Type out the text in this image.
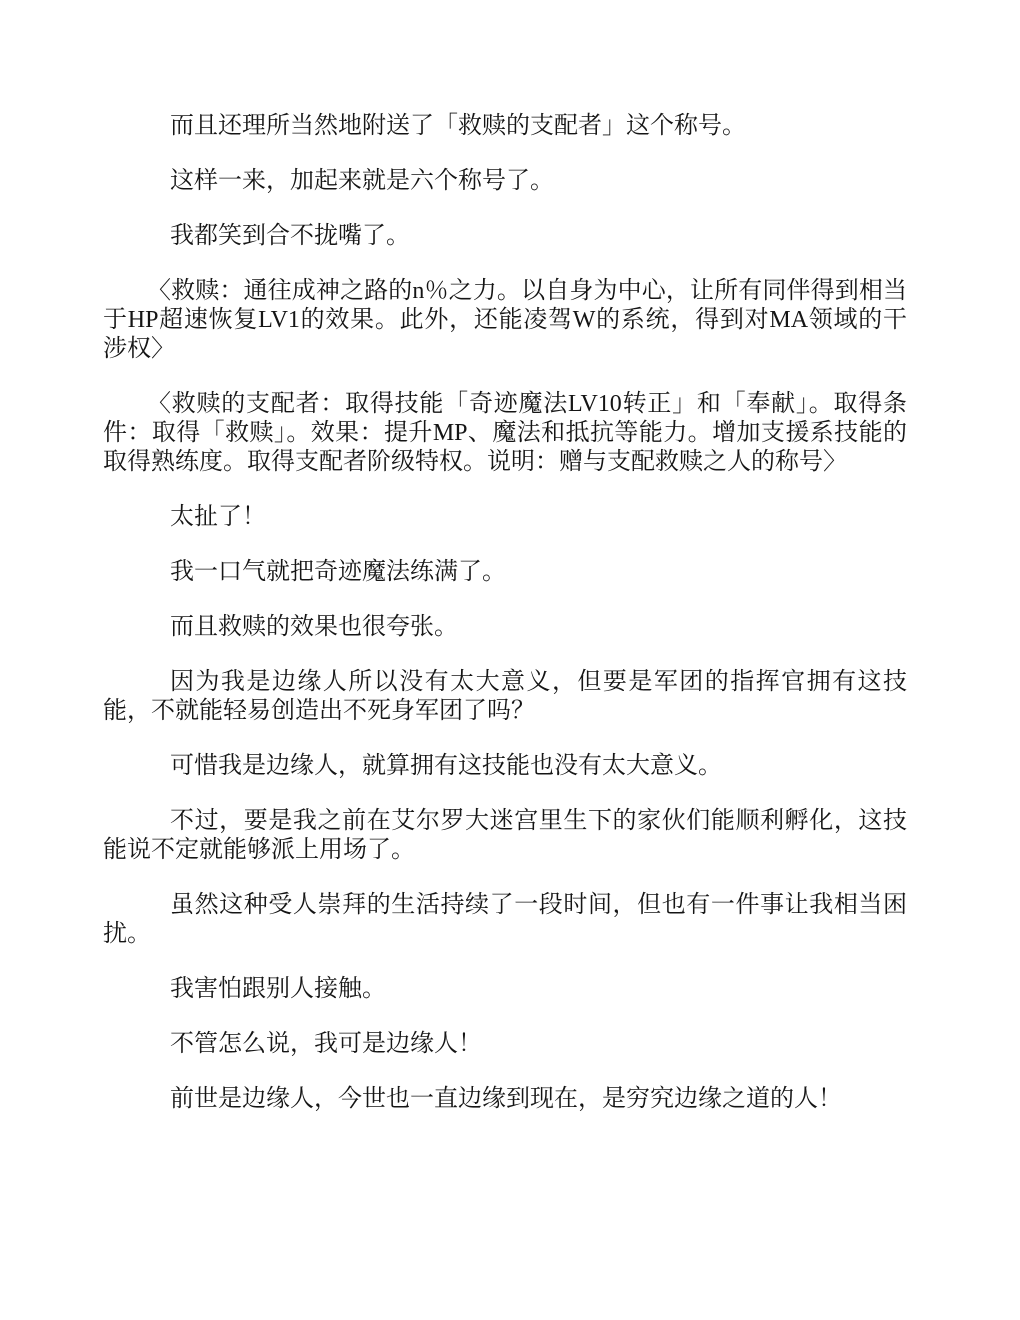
而且还理所当然地附送了「救赎的支配者」这个称号。

这样一来，加起来就是六个称号了。

我都笑到合不拢嘴了。

〈救赎：通往成神之路的n％之力。以自身为中心，让所有同伴得到相当于HP超速恢复LV1的效果。此外，还能凌驾W的系统，得到对MA领域的干涉权〉

〈救赎的支配者：取得技能「奇迹魔法LV10转正」和「奉献」。取得条件：取得「救赎」。效果：提升MP、魔法和抵抗等能力。增加支援系技能的取得熟练度。取得支配者阶级特权。说明：赠与支配救赎之人的称号〉

太扯了！

我一口气就把奇迹魔法练满了。

而且救赎的效果也很夸张。

因为我是边缘人所以没有太大意义，但要是军团的指挥官拥有这技能，不就能轻易创造出不死身军团了吗？

可惜我是边缘人，就算拥有这技能也没有太大意义。

不过，要是我之前在艾尔罗大迷宫里生下的家伙们能顺利孵化，这技能说不定就能够派上用场了。

虽然这种受人崇拜的生活持续了一段时间，但也有一件事让我相当困扰。

我害怕跟别人接触。

不管怎么说，我可是边缘人！

前世是边缘人，今世也一直边缘到现在，是穷究边缘之道的人！
